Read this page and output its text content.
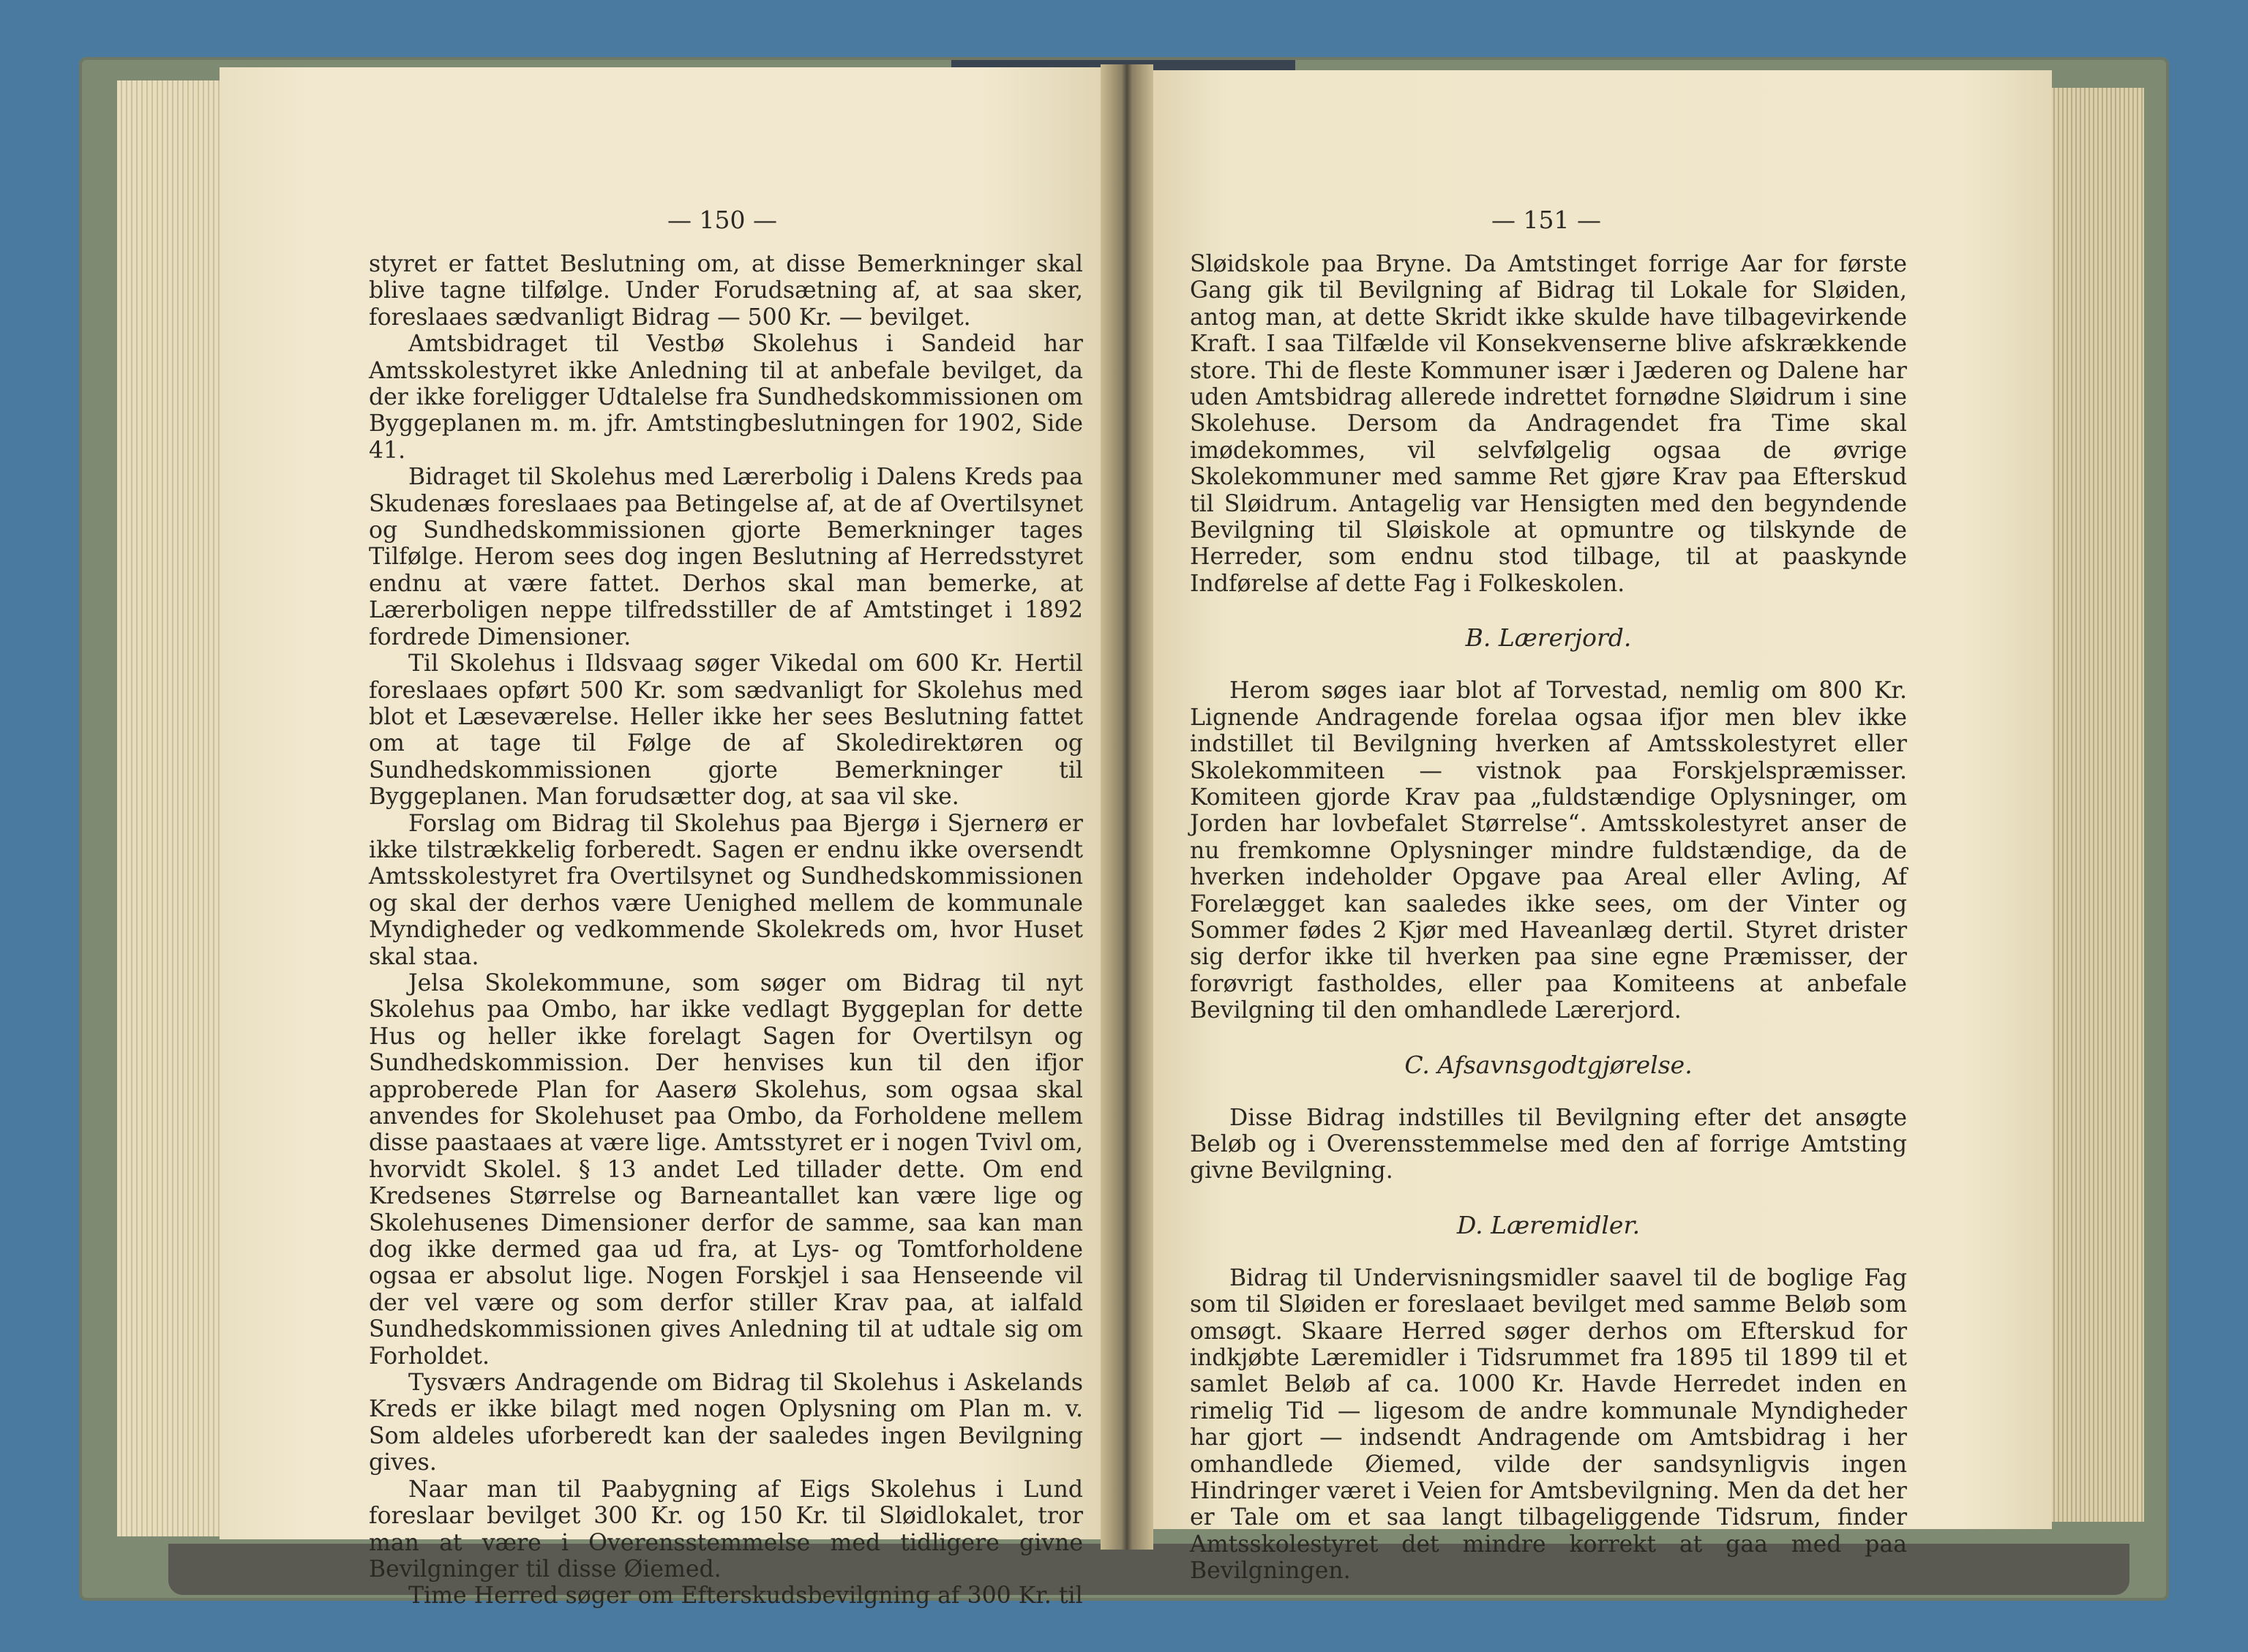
— 150 —

styret er fattet Beslutning om, at disse Bemerkninger skal blive tagne tilfølge. Under Forudsætning af, at saa sker, foreslaaes sædvanligt Bidrag — 500 Kr. — bevilget.

Amtsbidraget til Vestbø Skolehus i Sandeid har Amtsskolestyret ikke Anledning til at anbefale bevilget, da der ikke foreligger Udtalelse fra Sundhedskommissionen om Byggeplanen m. m. jfr. Amtstingbeslutningen for 1902, Side 41.

Bidraget til Skolehus med Lærerbolig i Dalens Kreds paa Skudenæs foreslaaes paa Betingelse af, at de af Overtilsynet og Sundhedskommissionen gjorte Bemerkninger tages Tilfølge. Herom sees dog ingen Beslutning af Herredsstyret endnu at være fattet. Derhos skal man bemerke, at Lærerboligen neppe tilfredsstiller de af Amtstinget i 1892 fordrede Dimensioner.

Til Skolehus i Ildsvaag søger Vikedal om 600 Kr. Hertil foreslaaes opført 500 Kr. som sædvanligt for Skolehus med blot et Læseværelse. Heller ikke her sees Beslutning fattet om at tage til Følge de af Skoledirektøren og Sundhedskommissionen gjorte Bemerkninger til Byggeplanen. Man forudsætter dog, at saa vil ske.

Forslag om Bidrag til Skolehus paa Bjergø i Sjernerø er ikke tilstrækkelig forberedt. Sagen er endnu ikke oversendt Amtsskolestyret fra Overtilsynet og Sundhedskommissionen og skal der derhos være Uenighed mellem de kommunale Myndigheder og vedkommende Skolekreds om, hvor Huset skal staa.

Jelsa Skolekommune, som søger om Bidrag til nyt Skolehus paa Ombo, har ikke vedlagt Byggeplan for dette Hus og heller ikke forelagt Sagen for Overtilsyn og Sundhedskommission. Der henvises kun til den ifjor approberede Plan for Aaserø Skolehus, som ogsaa skal anvendes for Skolehuset paa Ombo, da Forholdene mellem disse paastaaes at være lige. Amtsstyret er i nogen Tvivl om, hvorvidt Skolel. § 13 andet Led tillader dette. Om end Kredsenes Størrelse og Barneantallet kan være lige og Skolehusenes Dimensioner derfor de samme, saa kan man dog ikke dermed gaa ud fra, at Lys- og Tomtforholdene ogsaa er absolut lige. Nogen Forskjel i saa Henseende vil der vel være og som derfor stiller Krav paa, at ialfald Sundhedskommissionen gives Anledning til at udtale sig om Forholdet.

Tysværs Andragende om Bidrag til Skolehus i Askelands Kreds er ikke bilagt med nogen Oplysning om Plan m. v. Som aldeles uforberedt kan der saaledes ingen Bevilgning gives.

Naar man til Paabygning af Eigs Skolehus i Lund foreslaar bevilget 300 Kr. og 150 Kr. til Sløidlokalet, tror man at være i Overensstemmelse med tidligere givne Bevilgninger til disse Øiemed.

Time Herred søger om Efterskudsbevilgning af 300 Kr. til

— 151 —

Sløidskole paa Bryne. Da Amtstinget forrige Aar for første Gang gik til Bevilgning af Bidrag til Lokale for Sløiden, antog man, at dette Skridt ikke skulde have tilbagevirkende Kraft. I saa Tilfælde vil Konsekvenserne blive afskrækkende store. Thi de fleste Kommuner især i Jæderen og Dalene har uden Amtsbidrag allerede indrettet fornødne Sløidrum i sine Skolehuse. Dersom da Andragendet fra Time skal imødekommes, vil selvfølgelig ogsaa de øvrige Skolekommuner med samme Ret gjøre Krav paa Efterskud til Sløidrum. Antagelig var Hensigten med den begyndende Bevilgning til Sløiskole at opmuntre og tilskynde de Herreder, som endnu stod tilbage, til at paaskynde Indførelse af dette Fag i Folkeskolen.

B. Lærerjord.

Herom søges iaar blot af Torvestad, nemlig om 800 Kr. Lignende Andragende forelaa ogsaa ifjor men blev ikke indstillet til Bevilgning hverken af Amtsskolestyret eller Skolekommiteen — vistnok paa Forskjelspræmisser. Komiteen gjorde Krav paa „fuldstændige Oplysninger, om Jorden har lovbefalet Størrelse“. Amtsskolestyret anser de nu fremkomne Oplysninger mindre fuldstændige, da de hverken indeholder Opgave paa Areal eller Avling, Af Forelægget kan saaledes ikke sees, om der Vinter og Sommer fødes 2 Kjør med Haveanlæg dertil. Styret drister sig derfor ikke til hverken paa sine egne Præmisser, der forøvrigt fastholdes, eller paa Komiteens at anbefale Bevilgning til den omhandlede Lærerjord.

C. Afsavnsgodtgjørelse.

Disse Bidrag indstilles til Bevilgning efter det ansøgte Beløb og i Overensstemmelse med den af forrige Amtsting givne Bevilgning.

D. Læremidler.

Bidrag til Undervisningsmidler saavel til de boglige Fag som til Sløiden er foreslaaet bevilget med samme Beløb som omsøgt. Skaare Herred søger derhos om Efterskud for indkjøbte Læremidler i Tidsrummet fra 1895 til 1899 til et samlet Beløb af ca. 1000 Kr. Havde Herredet inden en rimelig Tid — ligesom de andre kommunale Myndigheder har gjort — indsendt Andragende om Amtsbidrag i her omhandlede Øiemed, vilde der sandsynligvis ingen Hindringer været i Veien for Amtsbevilgning. Men da det her er Tale om et saa langt tilbageliggende Tidsrum, finder Amtsskolestyret det mindre korrekt at gaa med paa Bevilgningen.
